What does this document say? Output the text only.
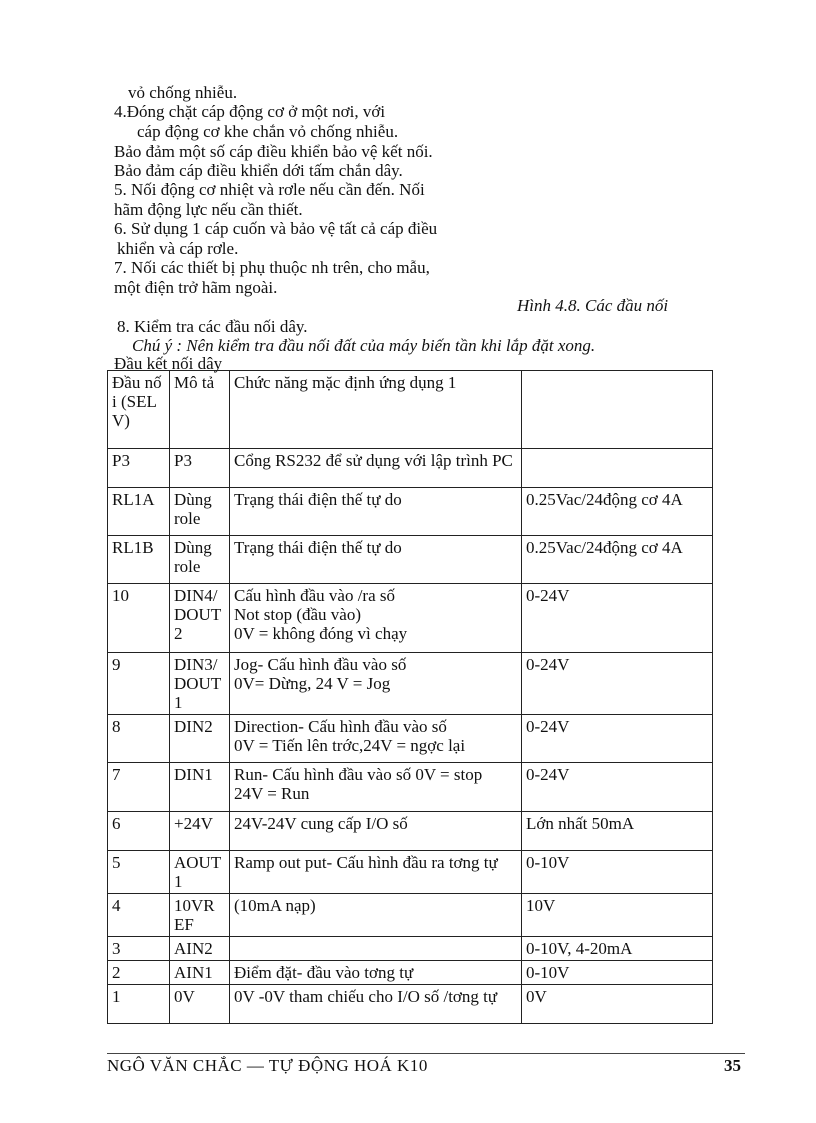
vỏ chống nhiễu.
4.Đóng chặt cáp động cơ ở một nơi, với
cáp động cơ khe chắn vỏ chống nhiễu.
Bảo đảm một số cáp điều khiển bảo vệ kết nối.
Bảo đảm cáp điều khiển dới tấm chắn dây.
5. Nối động cơ nhiệt và rơle nếu cần đến. Nối
hãm động lực nếu cần thiết.
6. Sử dụng 1 cáp cuốn và bảo vệ tất cả cáp điều
khiển và cáp rơle.
7. Nối các thiết bị phụ thuộc nh trên, cho mẫu,
một điện trở hãm ngoài.
Hình 4.8. Các đầu nối
8. Kiểm tra các đầu nối dây.
Chú ý : Nên kiểm tra đầu nối đất của máy biến tần khi lắp đặt xong.
Đầu kết nối dây
Đầu nối (SELV)	Mô tả	Chức năng mặc định ứng dụng 1	
P3	P3	Cổng RS232 để sử dụng với lập trình PC	
RL1A	Dùng role	Trạng thái điện thế tự do	0.25Vac/24động cơ 4A
RL1B	Dùng role	Trạng thái điện thế tự do	0.25Vac/24động cơ 4A
10	DIN4/ DOUT 2	Cấu hình đầu vào /ra số
Not stop (đầu vào)
0V = không đóng vì chạy	0-24V
9	DIN3/ DOUT 1	Jog- Cấu hình đầu vào số
0V= Dừng, 24 V = Jog	0-24V
8	DIN2	Direction- Cấu hình đầu vào số
0V = Tiến lên trớc,24V = ngợc lại	0-24V
7	DIN1	Run- Cấu hình đầu vào số 0V = stop
24V = Run	0-24V
6	+24V	24V-24V cung cấp I/O số	Lớn nhất 50mA
5	AOUT 1	Ramp out put- Cấu hình đầu ra tơng tự	0-10V
4	10VR EF	(10mA nạp)	10V
3	AIN2		0-10V, 4-20mA
2	AIN1	Điểm đặt- đầu vào tơng tự	0-10V
1	0V	0V -0V tham chiếu cho I/O số /tơng tự	0V
NGÔ VĂN CHẮC — TỰ ĐỘNG HOÁ K10	35
